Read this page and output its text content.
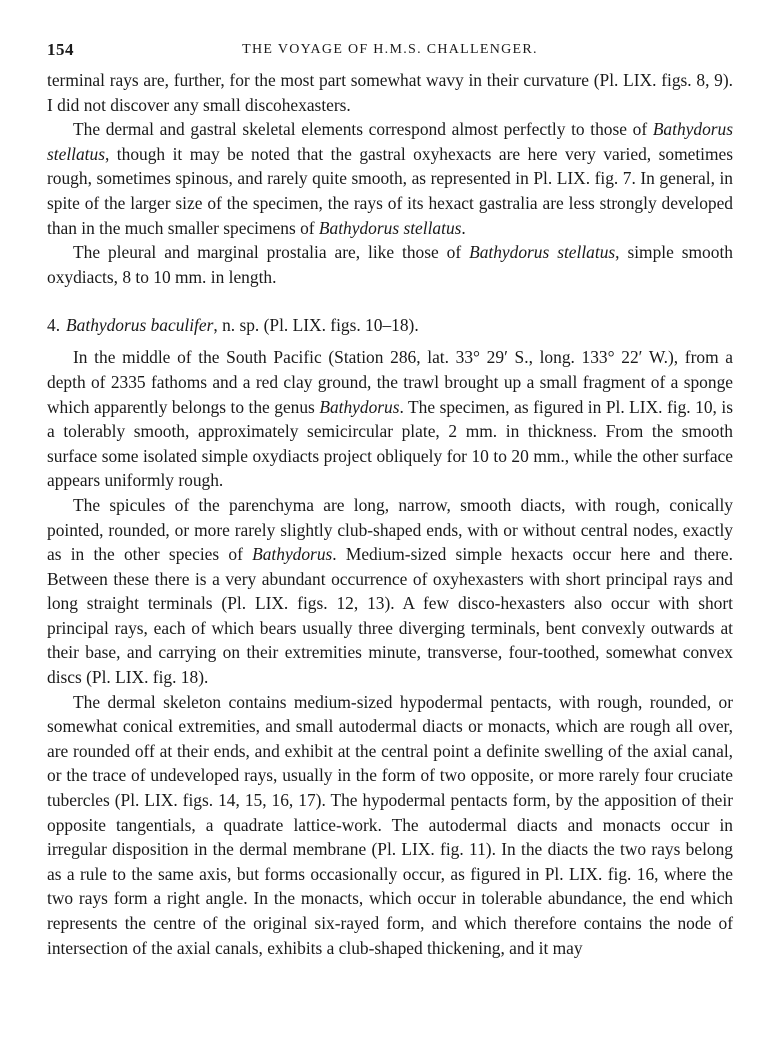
154	THE VOYAGE OF H.M.S. CHALLENGER.

terminal rays are, further, for the most part somewhat wavy in their curvature (Pl. LIX. figs. 8, 9). I did not discover any small discohexasters.

The dermal and gastral skeletal elements correspond almost perfectly to those of Bathydorus stellatus, though it may be noted that the gastral oxyhexacts are here very varied, sometimes rough, sometimes spinous, and rarely quite smooth, as represented in Pl. LIX. fig. 7. In general, in spite of the larger size of the specimen, the rays of its hexact gastralia are less strongly developed than in the much smaller specimens of Bathydorus stellatus.

The pleural and marginal prostalia are, like those of Bathydorus stellatus, simple smooth oxydiacts, 8 to 10 mm. in length.

4. Bathydorus baculifer, n. sp. (Pl. LIX. figs. 10–18).

In the middle of the South Pacific (Station 286, lat. 33° 29′ S., long. 133° 22′ W.), from a depth of 2335 fathoms and a red clay ground, the trawl brought up a small fragment of a sponge which apparently belongs to the genus Bathydorus. The specimen, as figured in Pl. LIX. fig. 10, is a tolerably smooth, approximately semicircular plate, 2 mm. in thickness. From the smooth surface some isolated simple oxydiacts project obliquely for 10 to 20 mm., while the other surface appears uniformly rough.

The spicules of the parenchyma are long, narrow, smooth diacts, with rough, conically pointed, rounded, or more rarely slightly club-shaped ends, with or without central nodes, exactly as in the other species of Bathydorus. Medium-sized simple hexacts occur here and there. Between these there is a very abundant occurrence of oxyhexasters with short principal rays and long straight terminals (Pl. LIX. figs. 12, 13). A few disco-hexasters also occur with short principal rays, each of which bears usually three diverging terminals, bent convexly outwards at their base, and carrying on their extremities minute, transverse, four-toothed, somewhat convex discs (Pl. LIX. fig. 18).

The dermal skeleton contains medium-sized hypodermal pentacts, with rough, rounded, or somewhat conical extremities, and small autodermal diacts or monacts, which are rough all over, are rounded off at their ends, and exhibit at the central point a definite swelling of the axial canal, or the trace of undeveloped rays, usually in the form of two opposite, or more rarely four cruciate tubercles (Pl. LIX. figs. 14, 15, 16, 17). The hypodermal pentacts form, by the apposition of their opposite tangentials, a quadrate lattice-work. The autodermal diacts and monacts occur in irregular disposition in the dermal membrane (Pl. LIX. fig. 11). In the diacts the two rays belong as a rule to the same axis, but forms occasionally occur, as figured in Pl. LIX. fig. 16, where the two rays form a right angle. In the monacts, which occur in tolerable abundance, the end which represents the centre of the original six-rayed form, and which therefore contains the node of intersection of the axial canals, exhibits a club-shaped thickening, and it may
